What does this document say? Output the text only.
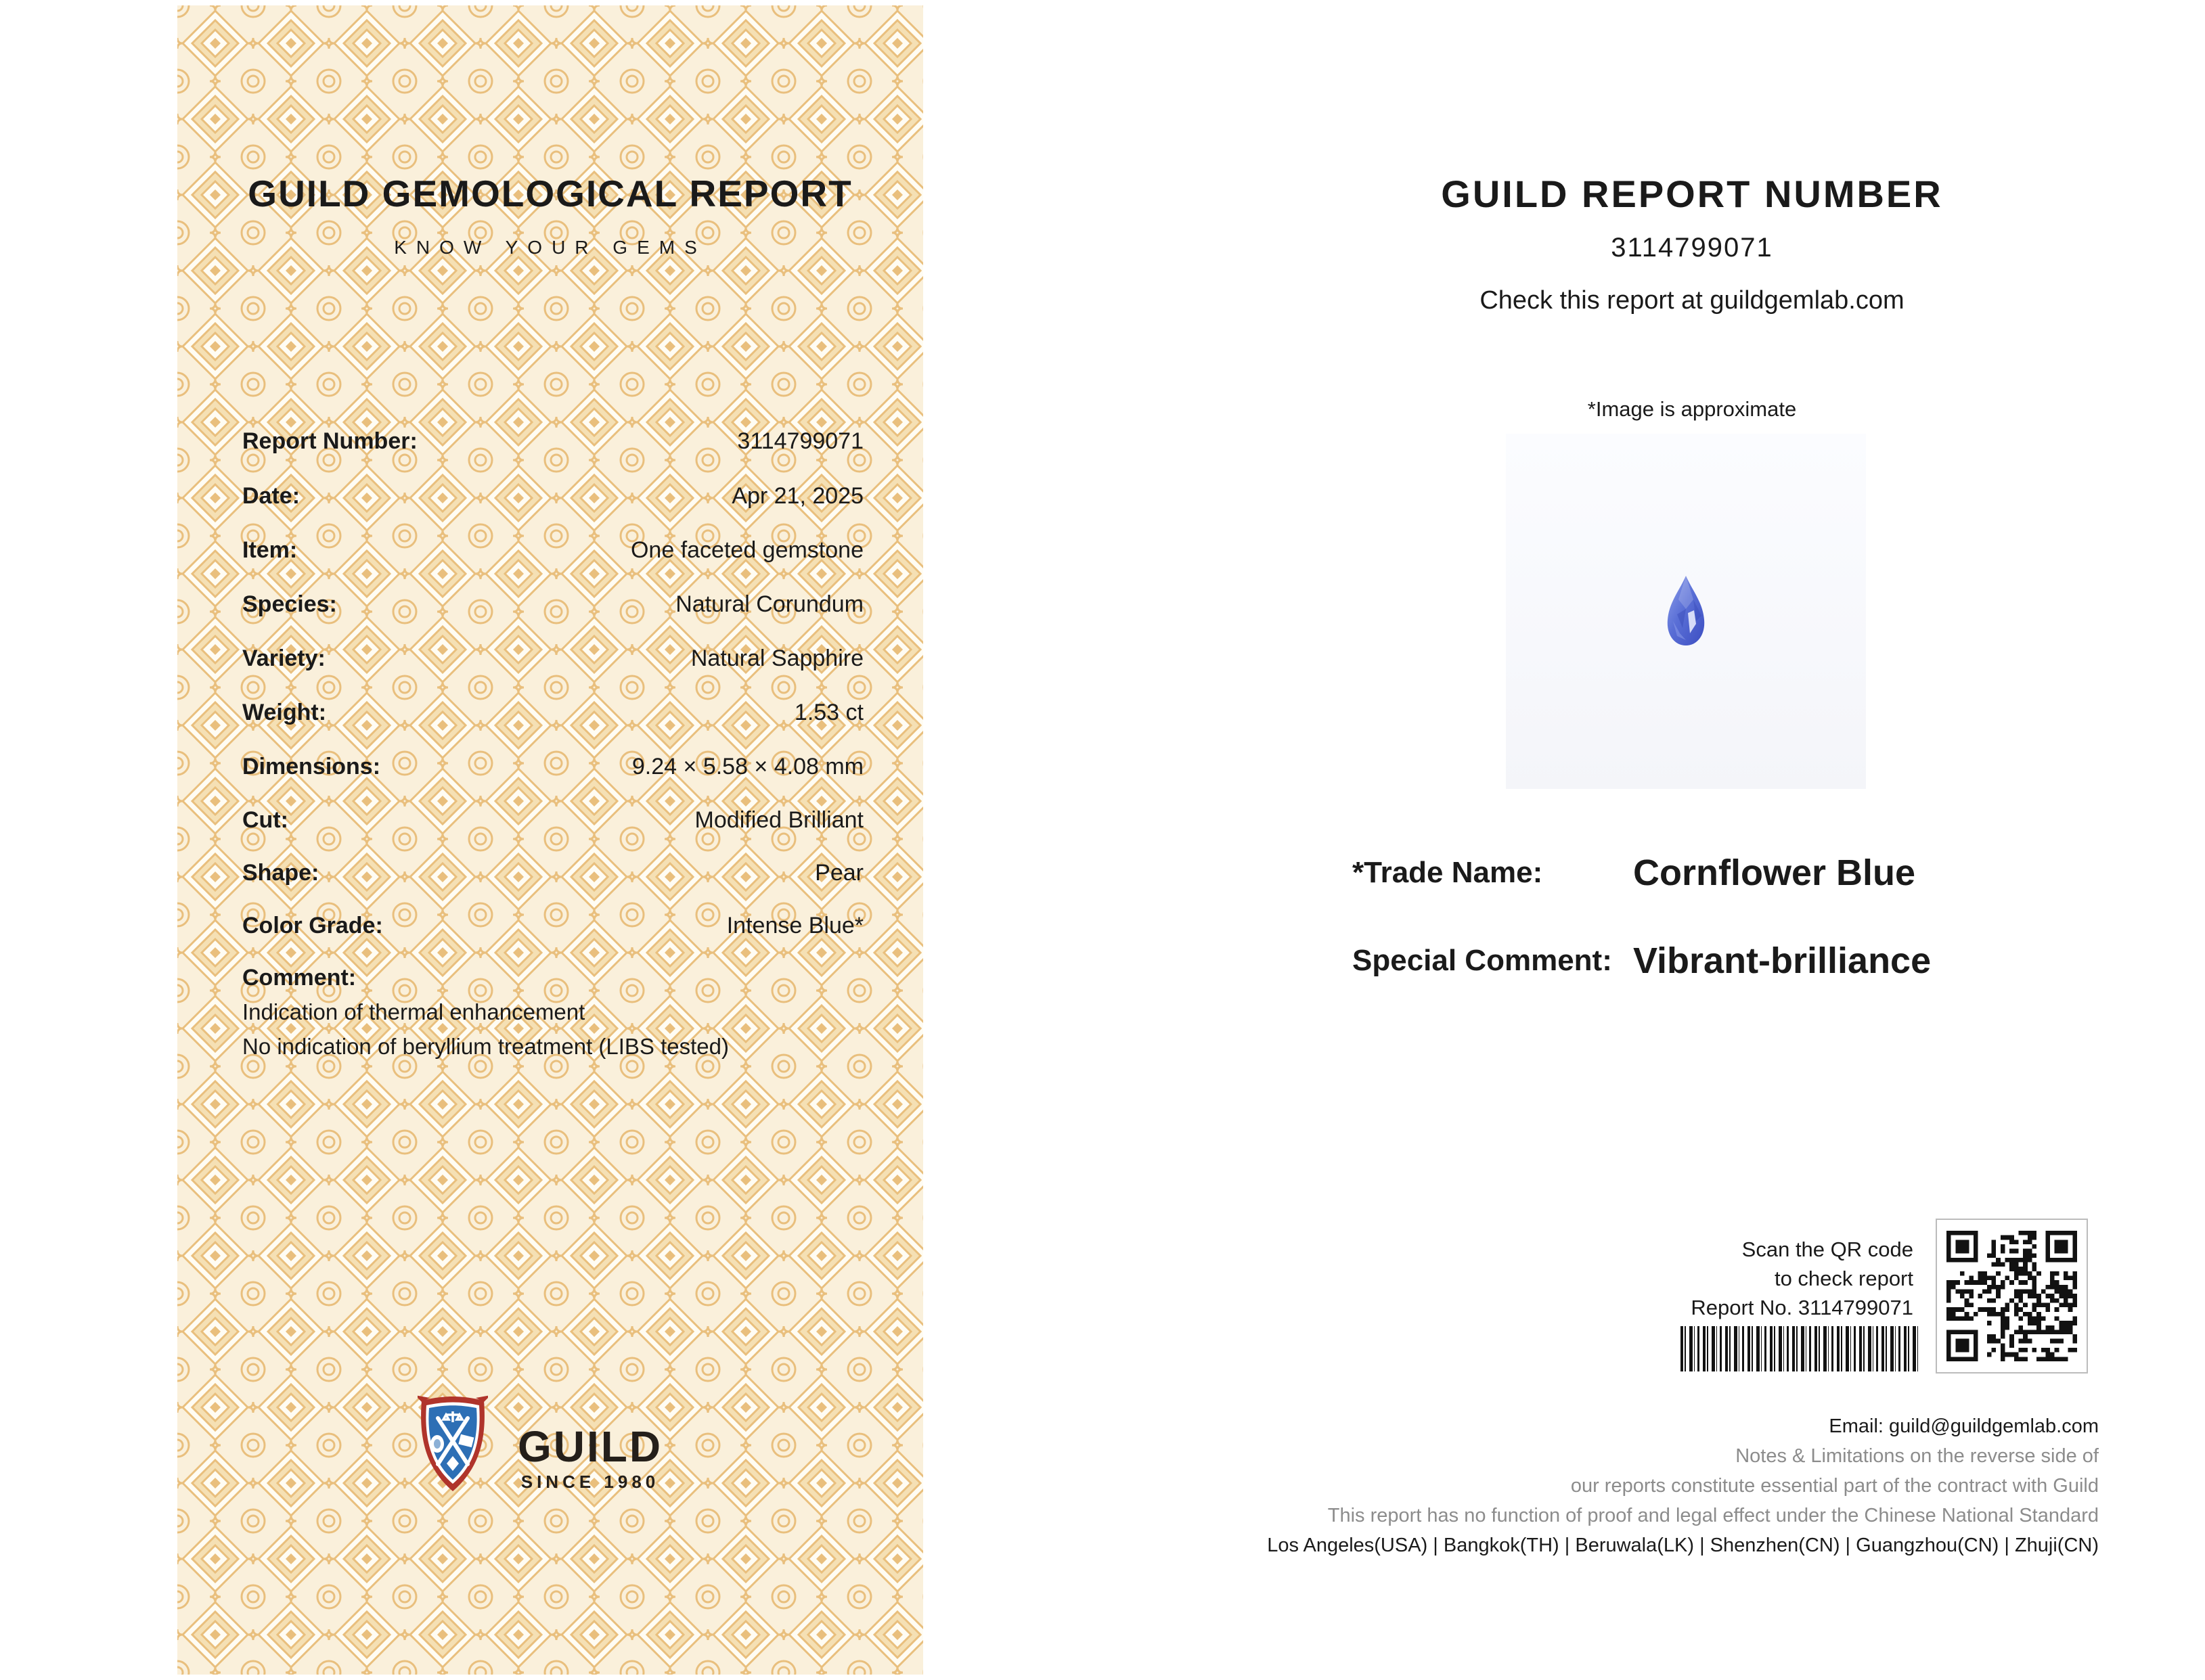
GUILD GEMOLOGICAL REPORT
KNOW YOUR GEMS
Report Number:	3114799071
Date:	Apr 21, 2025
Item:	One faceted gemstone
Species:	Natural Corundum
Variety:	Natural Sapphire
Weight:	1.53 ct
Dimensions:	9.24 × 5.58 × 4.08 mm
Cut:	Modified Brilliant
Shape:	Pear
Color Grade:	Intense Blue*
Comment:
Indication of thermal enhancement
No indication of beryllium treatment (LIBS tested)
GUILD
SINCE 1980
GUILD REPORT NUMBER
3114799071
Check this report at guildgemlab.com
*Image is approximate
*Trade Name: Cornflower Blue
Special Comment: Vibrant-brilliance
Scan the QR code
to check report
Report No. 3114799071
Email: guild@guildgemlab.com
Notes & Limitations on the reverse side of
our reports constitute essential part of the contract with Guild
This report has no function of proof and legal effect under the Chinese National Standard
Los Angeles(USA) | Bangkok(TH) | Beruwala(LK) | Shenzhen(CN) | Guangzhou(CN) | Zhuji(CN)
